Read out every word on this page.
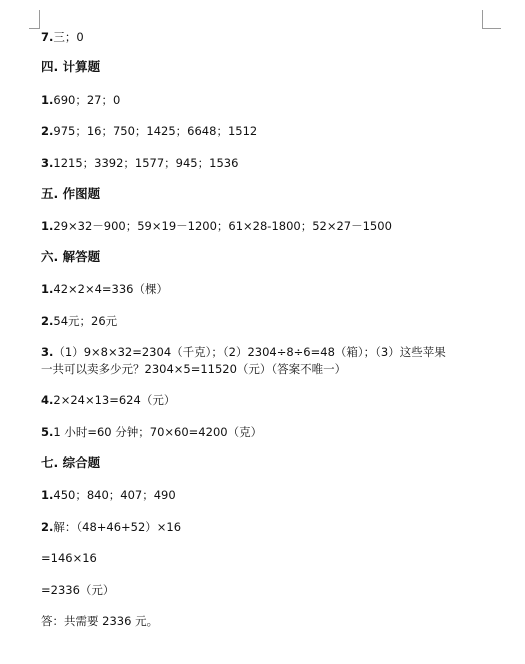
7.三；0
四. 计算题
1.690；27；0
2.975；16；750；1425；6648；1512
3.1215；3392；1577；945；1536
五. 作图题
1.29×32－900；59×19－1200；61×28-1800；52×27－1500
六. 解答题
1.42×2×4=336（棵）
2.54元；26元
3.（1）9×8×32=2304（千克）；（2）2304÷8÷6=48（箱）；（3）这些苹果
一共可以卖多少元？2304×5=11520（元）（答案不唯一）
4.2×24×13=624（元）
5.1 小时=60 分钟；70×60=4200（克）
七. 综合题
1.450；840；407；490
2.解：（48+46+52）×16
=146×16
=2336（元）
答：共需要 2336 元。
